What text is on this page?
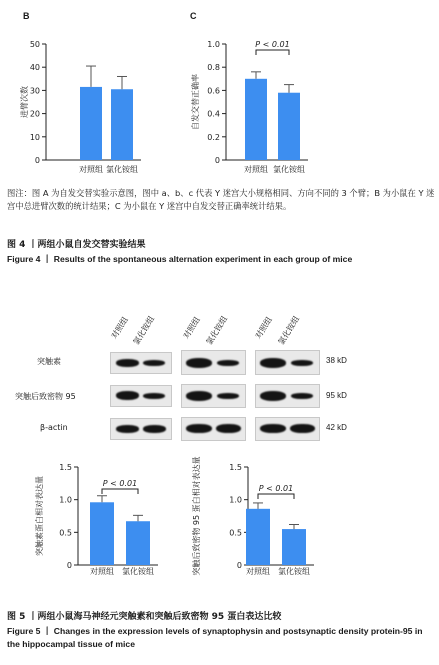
B	C
0
10
20
30
40
50
进臂次数
对照组 氯化铵组
0
0.2
0.4
0.6
0.8
1.0
自发交替正确率
对照组 氯化铵组
P < 0.01
图注：图 A 为自发交替实验示意图，图中 a、b、c 代表 Y 迷宫大小规格相同、方向不同的 3 个臂；B 为小鼠在 Y 迷宫中总进臂次数的统计结果；C 为小鼠在 Y 迷宫中自发交替正确率统计结果。
图 4 丨两组小鼠自发交替实验结果
Figure 4 丨 Results of the spontaneous alternation experiment in each group of mice
对照组 氯化铵组	对照组 氯化铵组	对照组 氯化铵组
突触素
突触后致密物 95
β-actin
38 kD
95 kD
42 kD
0
0.5
1.0
1.5
突触素蛋白相对表达量
对照组 氯化铵组
P < 0.01
0
0.5
1.0
1.5
突触后致密物 95 蛋白相对表达量	对照组 氯化铵组
P < 0.01
图 5 丨两组小鼠海马神经元突触素和突触后致密物 95 蛋白表达比较
Figure 5 丨 Changes in the expression levels of synaptophysin and postsynaptic density protein-95 in the hippocampal tissue of mice
